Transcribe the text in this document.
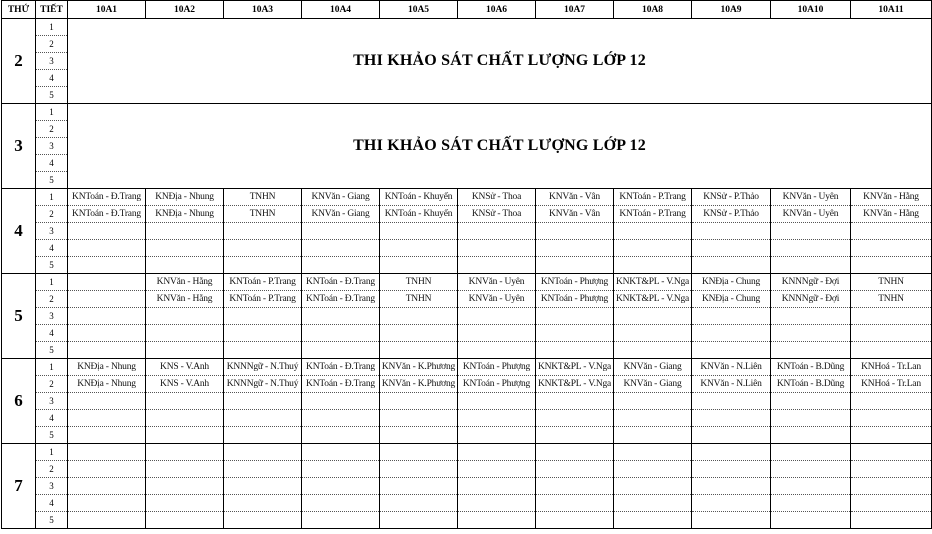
THỨ	TIẾT	10A1	10A2	10A3	10A4	10A5	10A6	10A7	10A8	10A9	10A10	10A11
2	1	THI KHẢO SÁT CHẤT LƯỢNG LỚP 12										
	2											
	3											
	4											
	5											
3	1	THI KHẢO SÁT CHẤT LƯỢNG LỚP 12										
	2											
	3											
	4											
	5											
4	1	KNToán - Đ.Trang	KNĐịa - Nhung	TNHN	KNVăn - Giang	KNToán - Khuyến	KNSử - Thoa	KNVăn - Vân	KNToán - P.Trang	KNSử - P.Thảo	KNVăn - Uyên	KNVăn - Hằng
	2	KNToán - Đ.Trang	KNĐịa - Nhung	TNHN	KNVăn - Giang	KNToán - Khuyến	KNSử - Thoa	KNVăn - Vân	KNToán - P.Trang	KNSử - P.Thảo	KNVăn - Uyên	KNVăn - Hằng
	3											
	4											
	5											
5	1		KNVăn - Hằng	KNToán - P.Trang	KNToán - Đ.Trang	TNHN	KNVăn - Uyên	KNToán - Phượng	KNKT&PL - V.Nga	KNĐịa - Chung	KNNNgữ - Đợi	TNHN
	2		KNVăn - Hằng	KNToán - P.Trang	KNToán - Đ.Trang	TNHN	KNVăn - Uyên	KNToán - Phượng	KNKT&PL - V.Nga	KNĐịa - Chung	KNNNgữ - Đợi	TNHN
	3											
	4											
	5											
6	1	KNĐịa - Nhung	KNS - V.Anh	KNNNgữ - N.Thuý	KNToán - Đ.Trang	KNVăn - K.Phương	KNToán - Phượng	KNKT&PL - V.Nga	KNVăn - Giang	KNVăn - N.Liên	KNToán - B.Dũng	KNHoá - Tr.Lan
	2	KNĐịa - Nhung	KNS - V.Anh	KNNNgữ - N.Thuý	KNToán - Đ.Trang	KNVăn - K.Phương	KNToán - Phượng	KNKT&PL - V.Nga	KNVăn - Giang	KNVăn - N.Liên	KNToán - B.Dũng	KNHoá - Tr.Lan
	3											
	4											
	5											
7	1											
	2											
	3											
	4											
	5											
